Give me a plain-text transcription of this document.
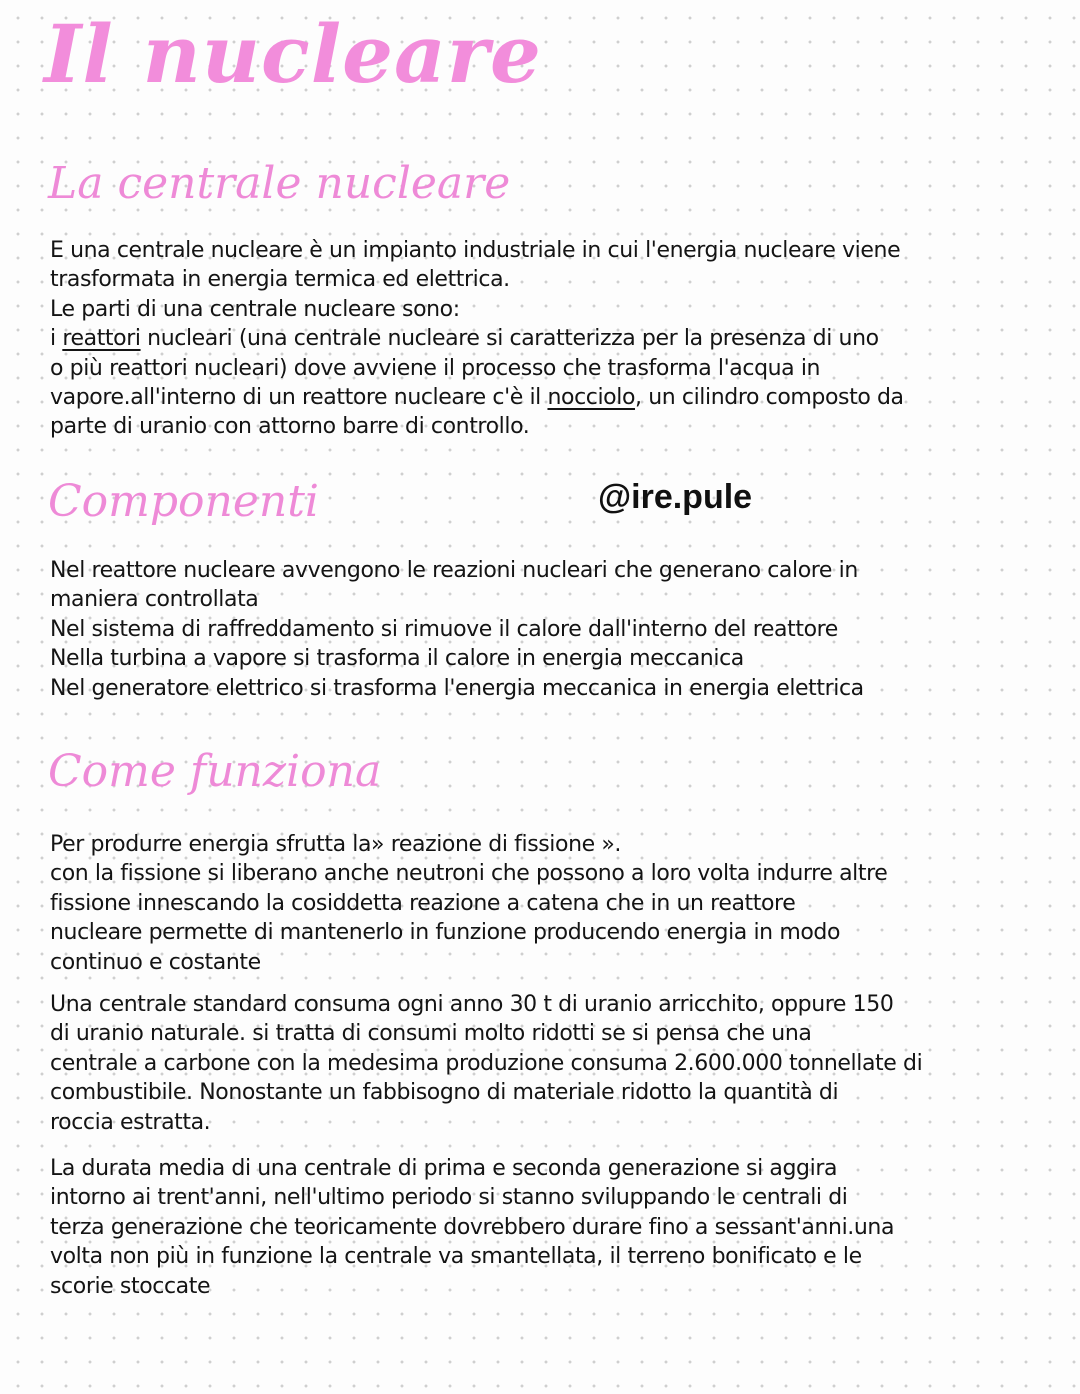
Il nucleare
La centrale nucleare
E una centrale nucleare è un impianto industriale in cui l'energia nucleare viene
trasformata in energia termica ed elettrica.
Le parti di una centrale nucleare sono:
i reattori nucleari (una centrale nucleare si caratterizza per la presenza di uno
o più reattori nucleari) dove avviene il processo che trasforma l'acqua in
vapore.all'interno di un reattore nucleare c'è il nocciolo, un cilindro composto da
parte di uranio con attorno barre di controllo.
Componenti	@ire.pule
Nel reattore nucleare avvengono le reazioni nucleari che generano calore in
maniera controllata
Nel sistema di raffreddamento si rimuove il calore dall'interno del reattore
Nella turbina a vapore si trasforma il calore in energia meccanica
Nel generatore elettrico si trasforma l'energia meccanica in energia elettrica
Come funziona
Per produrre energia sfrutta la» reazione di fissione ».
con la fissione si liberano anche neutroni che possono a loro volta indurre altre
fissione innescando la cosiddetta reazione a catena che in un reattore
nucleare permette di mantenerlo in funzione producendo energia in modo
continuo e costante
Una centrale standard consuma ogni anno 30 t di uranio arricchito, oppure 150
di uranio naturale. si tratta di consumi molto ridotti se si pensa che una
centrale a carbone con la medesima produzione consuma 2.600.000 tonnellate di
combustibile. Nonostante un fabbisogno di materiale ridotto la quantità di
roccia estratta.
La durata media di una centrale di prima e seconda generazione si aggira
intorno ai trent'anni, nell'ultimo periodo si stanno sviluppando le centrali di
terza generazione che teoricamente dovrebbero durare fino a sessant'anni.una
volta non più in funzione la centrale va smantellata, il terreno bonificato e le
scorie stoccate
